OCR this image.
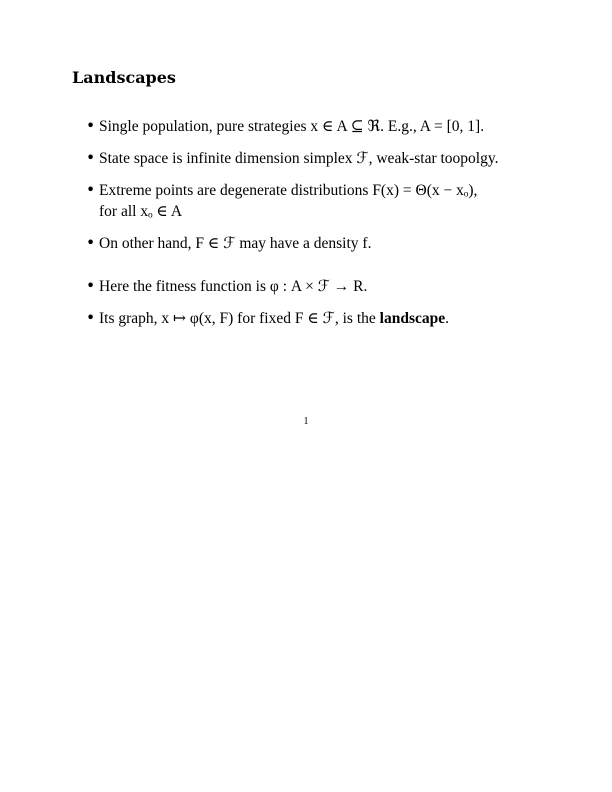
Landscapes
• Single population, pure strategies x ∈ A ⊆ ℜ. E.g., A = [0, 1].
• State space is infinite dimension simplex ℱ, weak-star toopolgy.
• Extreme points are degenerate distributions F(x) = Θ(x − xₒ),
for all xₒ ∈ A
• On other hand, F ∈ ℱ may have a density f.
• Here the fitness function is φ : A × ℱ → R.
• Its graph, x ↦ φ(x, F) for fixed F ∈ ℱ, is the landscape.
1
